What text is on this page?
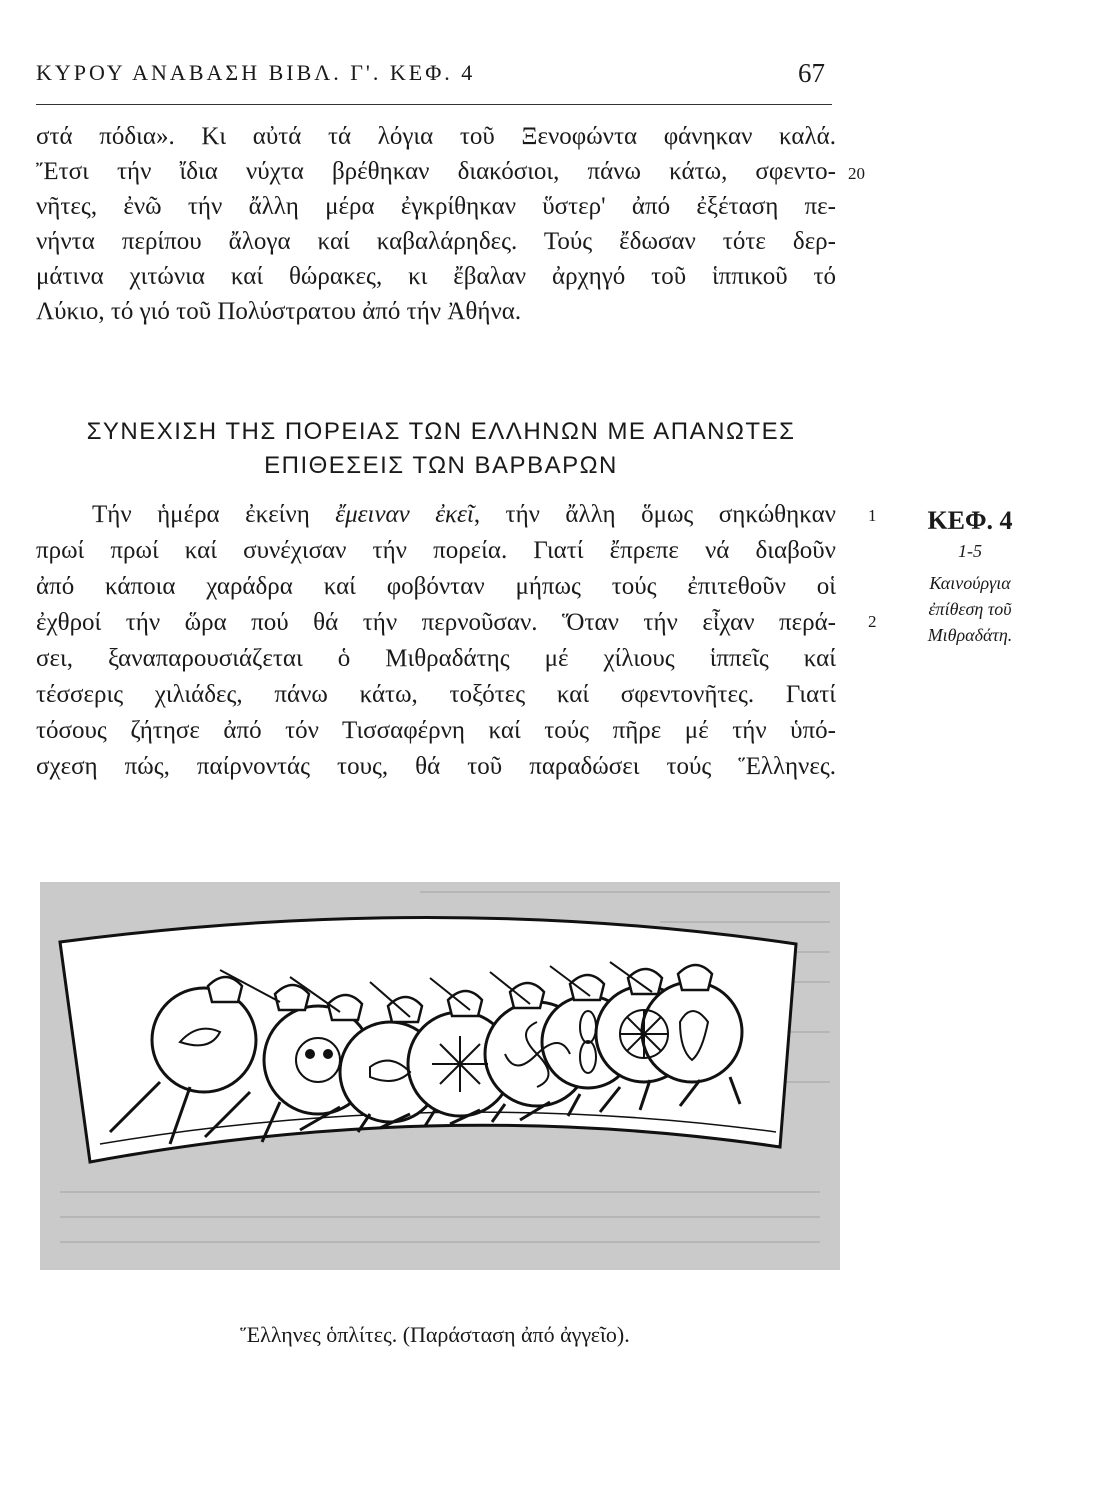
ΚΥΡΟΥ ΑΝΑΒΑΣΗ ΒΙΒΛ. Γ'. ΚΕΦ. 4	67
στά πόδια». Κι αὐτά τά λόγια τοῦ Ξενοφώντα φάνηκαν καλά.
Ἔτσι τήν ἴδια νύχτα βρέθηκαν διακόσιοι, πάνω κάτω, σφεντο-
νῆτες, ἐνῶ τήν ἄλλη μέρα ἐγκρίθηκαν ὕστερ' ἀπό ἐξέταση πε-
νήντα περίπου ἄλογα καί καβαλάρηδες. Τούς ἔδωσαν τότε δερ-
μάτινα χιτώνια καί θώρακες, κι ἔβαλαν ἀρχηγό τοῦ ἱππικοῦ τό
Λύκιο, τό γιό τοῦ Πολύστρατου ἀπό τήν Ἀθήνα.
20
ΣΥΝΕΧΙΣΗ ΤΗΣ ΠΟΡΕΙΑΣ ΤΩΝ ΕΛΛΗΝΩΝ ΜΕ ΑΠΑΝΩΤΕΣ
ΕΠΙΘΕΣΕΙΣ ΤΩΝ ΒΑΡΒΑΡΩΝ
Τήν ἡμέρα ἐκείνη ἔμειναν ἐκεῖ, τήν ἄλλη ὅμως σηκώθηκαν
πρωί πρωί καί συνέχισαν τήν πορεία. Γιατί ἔπρεπε νά διαβοῦν
ἀπό κάποια χαράδρα καί φοβόνταν μήπως τούς ἐπιτεθοῦν οἱ
ἐχθροί τήν ὥρα πού θά τήν περνοῦσαν. Ὅταν τήν εἶχαν περά-
σει, ξαναπαρουσιάζεται ὁ Μιθραδάτης μέ χίλιους ἱππεῖς καί
τέσσερις χιλιάδες, πάνω κάτω, τοξότες καί σφεντονῆτες. Γιατί
τόσους ζήτησε ἀπό τόν Τισσαφέρνη καί τούς πῆρε μέ τήν ὑπό-
σχεση πώς, παίρνοντάς τους, θά τοῦ παραδώσει τούς Ἕλληνες.
1
2
ΚΕΦ. 4
1-5
Καινούργια
ἐπίθεση τοῦ
Μιθραδάτη.
Ἕλληνες ὁπλίτες. (Παράσταση ἀπό ἀγγεῖο).
